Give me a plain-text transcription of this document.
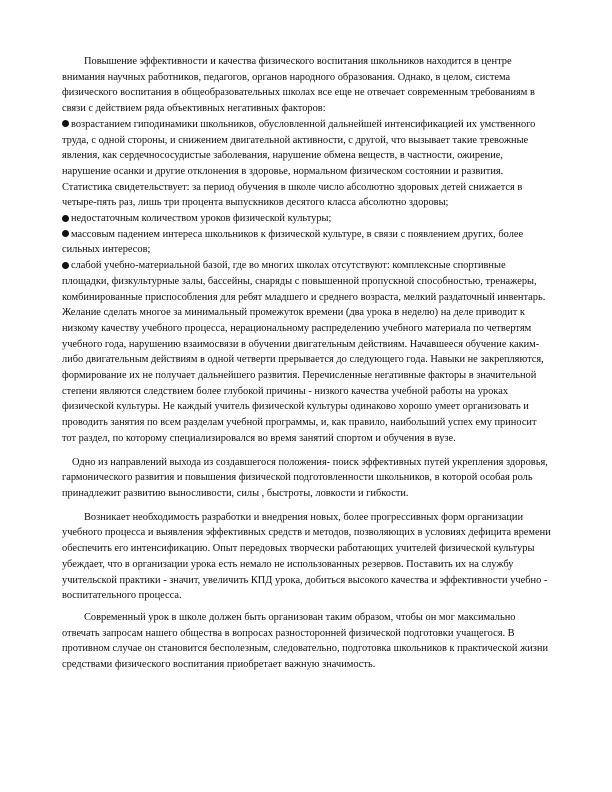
Повышение эффективности и качества физического воспитания школьников находится в центре внимания научных работников, педагогов, органов народного образования. Однако, в целом, система физического воспитания в общеобразовательных школах все еще не отвечает современным требованиям в связи с действием ряда объективных негативных факторов:

возрастанием гиподинамики школьников, обусловленной дальнейшей интенсификацией их умственного труда, с одной стороны, и снижением двигательной активности, с другой, что вызывает такие тревожные явления, как сердечнососудистые заболевания, нарушение обмена веществ, в частности, ожирение, нарушение осанки и другие отклонения в здоровье, нормальном физическом состоянии и развития. Статистика свидетельствует: за период обучения в школе число абсолютно здоровых детей снижается в четыре-пять раз, лишь три процента выпускников десятого класса абсолютно здоровы;

недостаточным количеством уроков физической культуры;

массовым падением интереса школьников к физической культуре, в связи с появлением других, более сильных интересов;

слабой учебно-материальной базой, где во многих школах отсутствуют: комплексные спортивные площадки, физкультурные залы, бассейны, снаряды с повышенной пропускной способностью, тренажеры, комбинированные приспособления для ребят младшего и среднего возраста, мелкий раздаточный инвентарь.

Желание сделать многое за минимальный промежуток времени (два урока в неделю) на деле приводит к низкому качеству учебного процесса, нерациональному распределению учебного материала по четвертям учебного года, нарушению взаимосвязи в обучении двигательным действиям. Начавшееся обучение каким-либо двигательным действиям в одной четверти прерывается до следующего года. Навыки не закрепляются, формирование их не получает дальнейшего развития. Перечисленные негативные факторы в значительной степени являются следствием более глубокой причины - низкого качества учебной работы на уроках физической культуры. Не каждый учитель физической культуры одинаково хорошо умеет организовать и проводить занятия по всем разделам учебной программы, и, как правило, наибольший успех ему приносит тот раздел, по которому специализировался во время занятий спортом и обучения в вузе.

Одно из направлений выхода из создавшегося положения- поиск эффективных путей укрепления здоровья, гармонического развития и повышения физической подготовленности школьников, в которой особая роль принадлежит развитию выносливости, силы , быстроты, ловкости и гибкости.

Возникает необходимость разработки и внедрения новых, более прогрессивных форм организации учебного процесса и выявления эффективных средств и методов, позволяющих в условиях дефицита времени обеспечить его интенсификацию. Опыт передовых творчески работающих учителей физической культуры убеждает, что в организации урока есть немало не использованных резервов. Поставить их на службу учительской практики - значит, увеличить КПД урока, добиться высокого качества и эффективности учебно - воспитательного процесса.

Современный урок в школе должен быть организован таким образом, чтобы он мог максимально отвечать запросам нашего общества в вопросах разносторонней физической подготовки учащегося. В противном случае он становится бесполезным, следовательно, подготовка школьников к практической жизни средствами физического воспитания приобретает важную значимость.
